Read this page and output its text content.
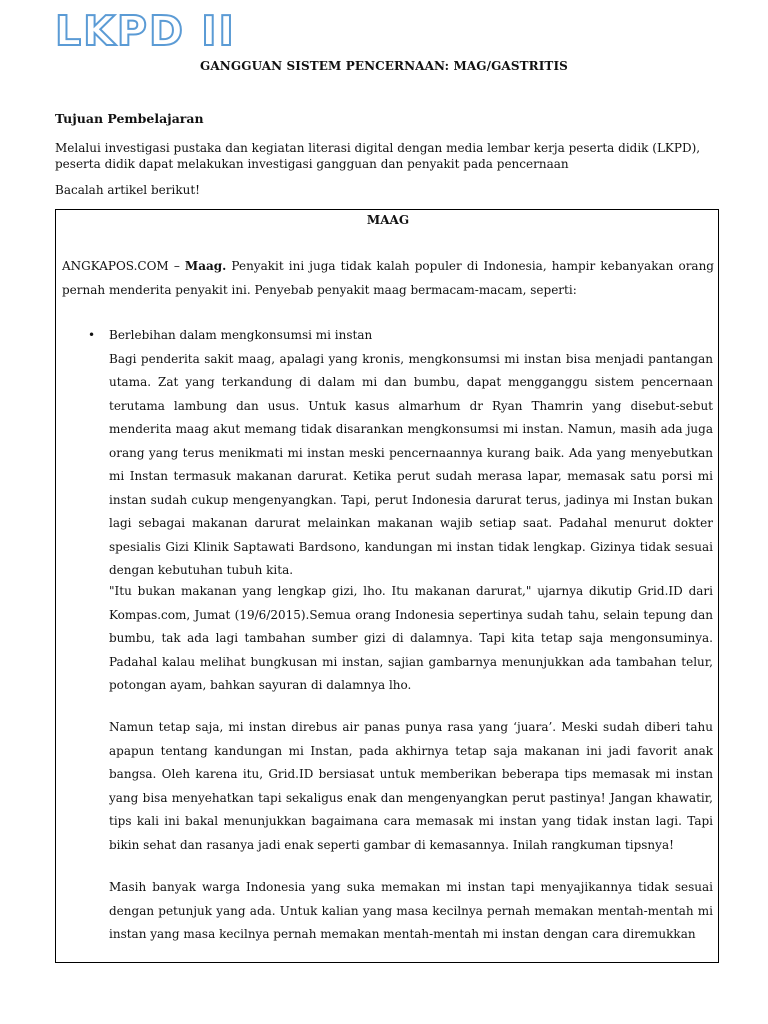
LKPD II
GANGGUAN SISTEM PENCERNAAN: MAG/GASTRITIS
Tujuan Pembelajaran

Melalui investigasi pustaka dan kegiatan literasi digital dengan media lembar kerja peserta didik (LKPD), peserta didik dapat melakukan investigasi gangguan dan penyakit pada pencernaan

Bacalah artikel berikut!
MAAG

ANGKAPOS.COM – Maag. Penyakit ini juga tidak kalah populer di Indonesia, hampir kebanyakan orang pernah menderita penyakit ini. Penyebab penyakit maag bermacam-macam, seperti:

• Berlebihan dalam mengkonsumsi mi instan

Bagi penderita sakit maag, apalagi yang kronis, mengkonsumsi mi instan bisa menjadi pantangan utama. Zat yang terkandung di dalam mi dan bumbu, dapat mengganggu sistem pencernaan terutama lambung dan usus. Untuk kasus almarhum dr Ryan Thamrin yang disebut-sebut menderita maag akut memang tidak disarankan mengkonsumsi mi instan. Namun, masih ada juga orang yang terus menikmati mi instan meski pencernaannya kurang baik. Ada yang menyebutkan mi Instan termasuk makanan darurat. Ketika perut sudah merasa lapar, memasak satu porsi mi instan sudah cukup mengenyangkan. Tapi, perut Indonesia darurat terus, jadinya mi Instan bukan lagi sebagai makanan darurat melainkan makanan wajib setiap saat. Padahal menurut dokter spesialis Gizi Klinik Saptawati Bardsono, kandungan mi instan tidak lengkap. Gizinya tidak sesuai dengan kebutuhan tubuh kita.

"Itu bukan makanan yang lengkap gizi, lho. Itu makanan darurat," ujarnya dikutip Grid.ID dari Kompas.com, Jumat (19/6/2015).Semua orang Indonesia sepertinya sudah tahu, selain tepung dan bumbu, tak ada lagi tambahan sumber gizi di dalamnya. Tapi kita tetap saja mengonsuminya. Padahal kalau melihat bungkusan mi instan, sajian gambarnya menunjukkan ada tambahan telur, potongan ayam, bahkan sayuran di dalamnya lho.

Namun tetap saja, mi instan direbus air panas punya rasa yang ‘juara’. Meski sudah diberi tahu apapun tentang kandungan mi Instan, pada akhirnya tetap saja makanan ini jadi favorit anak bangsa. Oleh karena itu, Grid.ID bersiasat untuk memberikan beberapa tips memasak mi instan yang bisa menyehatkan tapi sekaligus enak dan mengenyangkan perut pastinya! Jangan khawatir, tips kali ini bakal menunjukkan bagaimana cara memasak mi instan yang tidak instan lagi. Tapi bikin sehat dan rasanya jadi enak seperti gambar di kemasannya. Inilah rangkuman tipsnya!

Masih banyak warga Indonesia yang suka memakan mi instan tapi menyajikannya tidak sesuai dengan petunjuk yang ada. Untuk kalian yang masa kecilnya pernah memakan mentah-mentah mi instan yang masa kecilnya pernah memakan mentah-mentah mi instan dengan cara diremukkan
